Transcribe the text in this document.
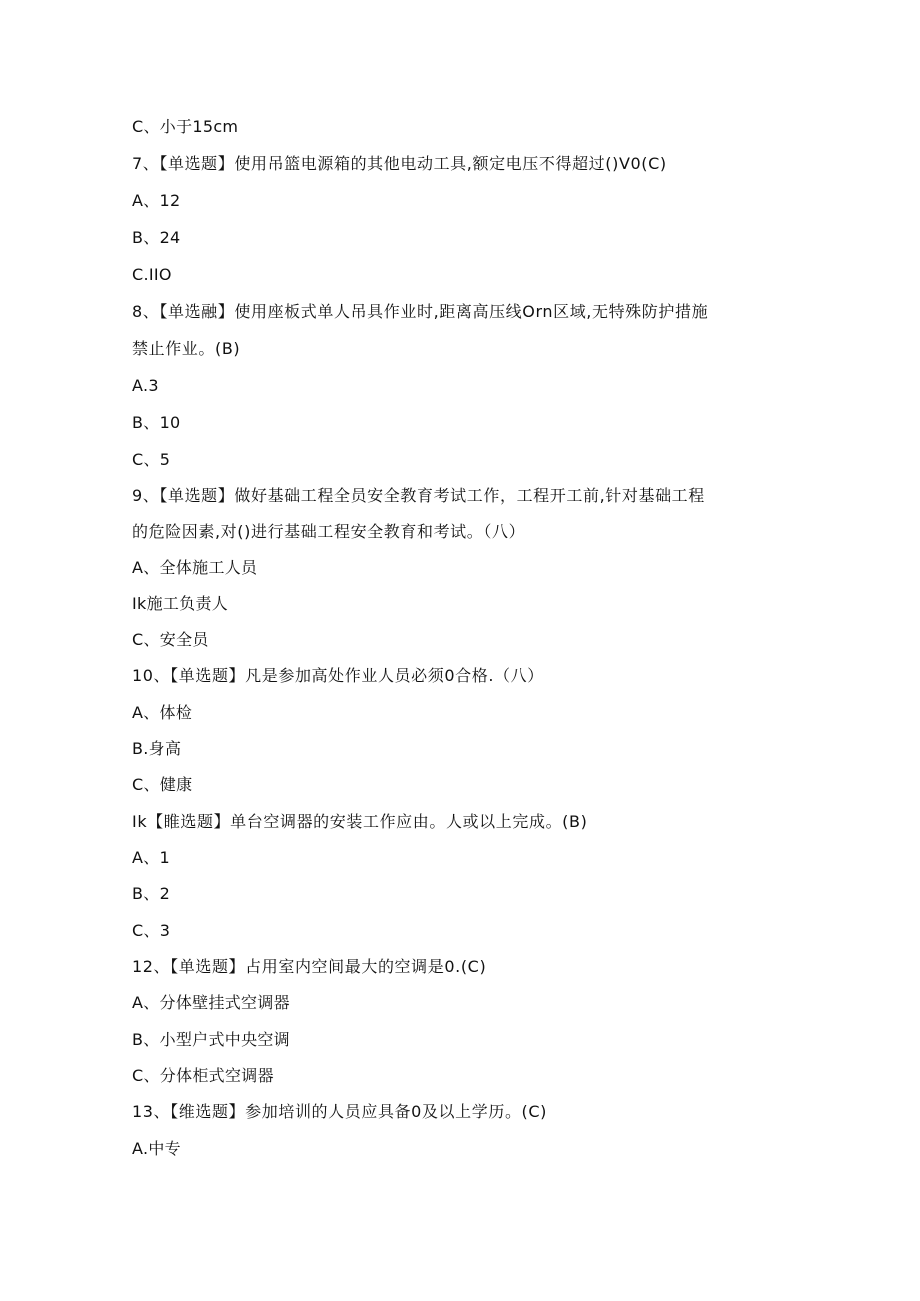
C、小于15cm
7、【单选题】使用吊篮电源箱的其他电动工具,额定电压不得超过()V0(C)
A、12
B、24
C.IIO
8、【单选融】使用座板式单人吊具作业时,距离高压线Orn区域,无特殊防护措施
禁止作业。(B)
A.3
B、10
C、5
9、【单选题】做好基础工程全员安全教育考试工作，工程开工前,针对基础工程
的危险因素,对()进行基础工程安全教育和考试。（八）
A、全体施工人员
Ik施工负责人
C、安全员
10、【单选题】凡是参加高处作业人员必须0合格.（八）
A、体检
B.身高
C、健康
Ik【睢选题】单台空调器的安装工作应由。人或以上完成。(B)
A、1
B、2
C、3
12、【单选题】占用室内空间最大的空调是0.(C)
A、分体壁挂式空调器
B、小型户式中央空调
C、分体柜式空调器
13、【维选题】参加培训的人员应具备0及以上学历。(C)
A.中专
